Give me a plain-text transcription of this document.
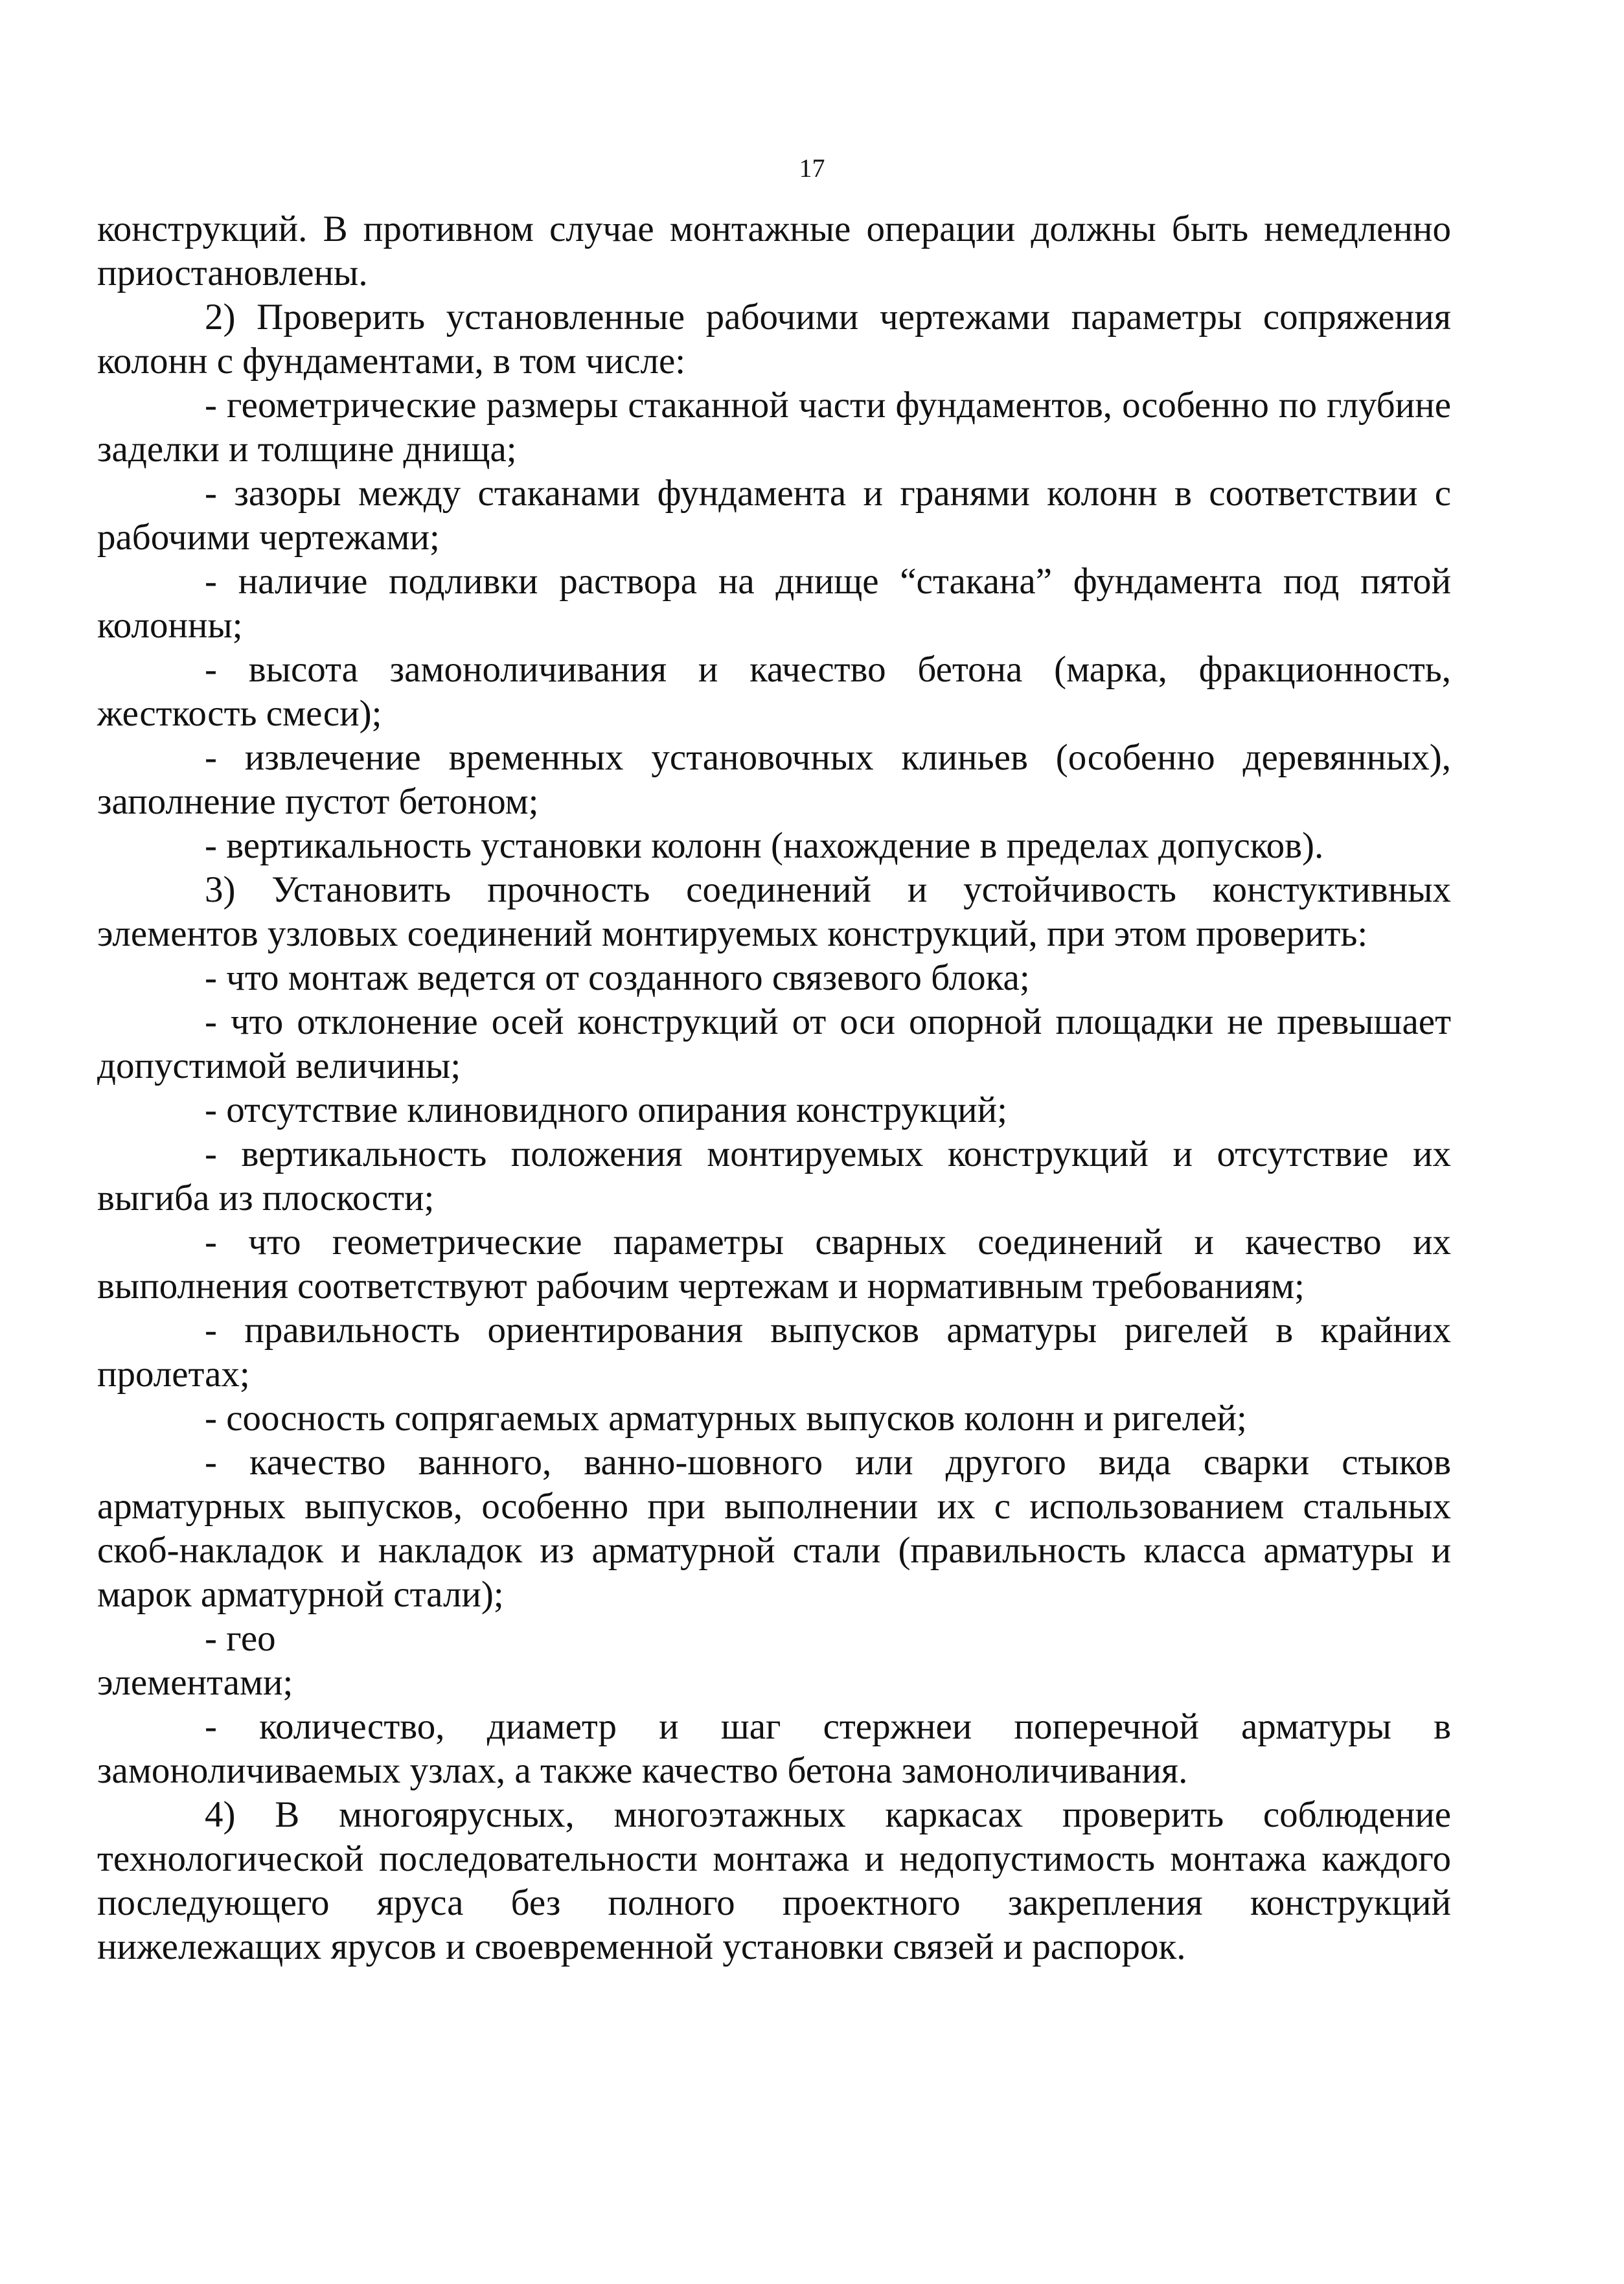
17

конструкций. В противном случае монтажные операции должны быть немедленно приостановлены.

2) Проверить установленные рабочими чертежами параметры сопряжения колонн с фундаментами, в том числе:

- геометрические размеры стаканной части фундаментов, особенно по глубине заделки и толщине днища;

- зазоры между стаканами фундамента и гранями колонн в соответствии с рабочими чертежами;

- наличие подливки раствора на днище “стакана” фундамента под пятой колонны;

- высота замоноличивания и качество бетона (марка, фракционность, жесткость смеси);

- извлечение временных установочных клиньев (особенно деревянных), заполнение пустот бетоном;

- вертикальность установки колонн (нахождение в пределах допусков).

3) Установить прочность соединений и устойчивость констуктивных элементов узловых соединений монтируемых конструкций, при этом проверить:

- что монтаж ведется от созданного связевого блока;

- что отклонение осей конструкций от оси опорной площадки не превышает допустимой величины;

- отсутствие клиновидного опирания конструкций;

- вертикальность положения монтируемых конструкций и отсутствие их выгиба из плоскости;

- что геометрические параметры сварных соединений и качество их выполнения соответствуют рабочим чертежам и нормативным требованиям;

- правильность ориентирования выпусков арматуры ригелей в крайних пролетах;

- соосность сопрягаемых арматурных выпусков колонн и ригелей;

- качество ванного, ванно-шовного или другого вида сварки стыков арматурных выпусков, особенно при выполнении их с использованием стальных скоб-накладок и накладок из арматурной стали (правильность класса арматуры и марок арматурной стали);

- гео

элементами;

- количество, диаметр и шаг стержнеи поперечной арматуры в замоноличиваемых узлах, а также качество бетона замоноличивания.

4) В многоярусных, многоэтажных каркасах проверить соблюдение технологической последовательности монтажа и недопустимость монтажа каждого последующего яруса без полного проектного закрепления конструкций нижележащих ярусов и своевременной установки связей и распорок.
